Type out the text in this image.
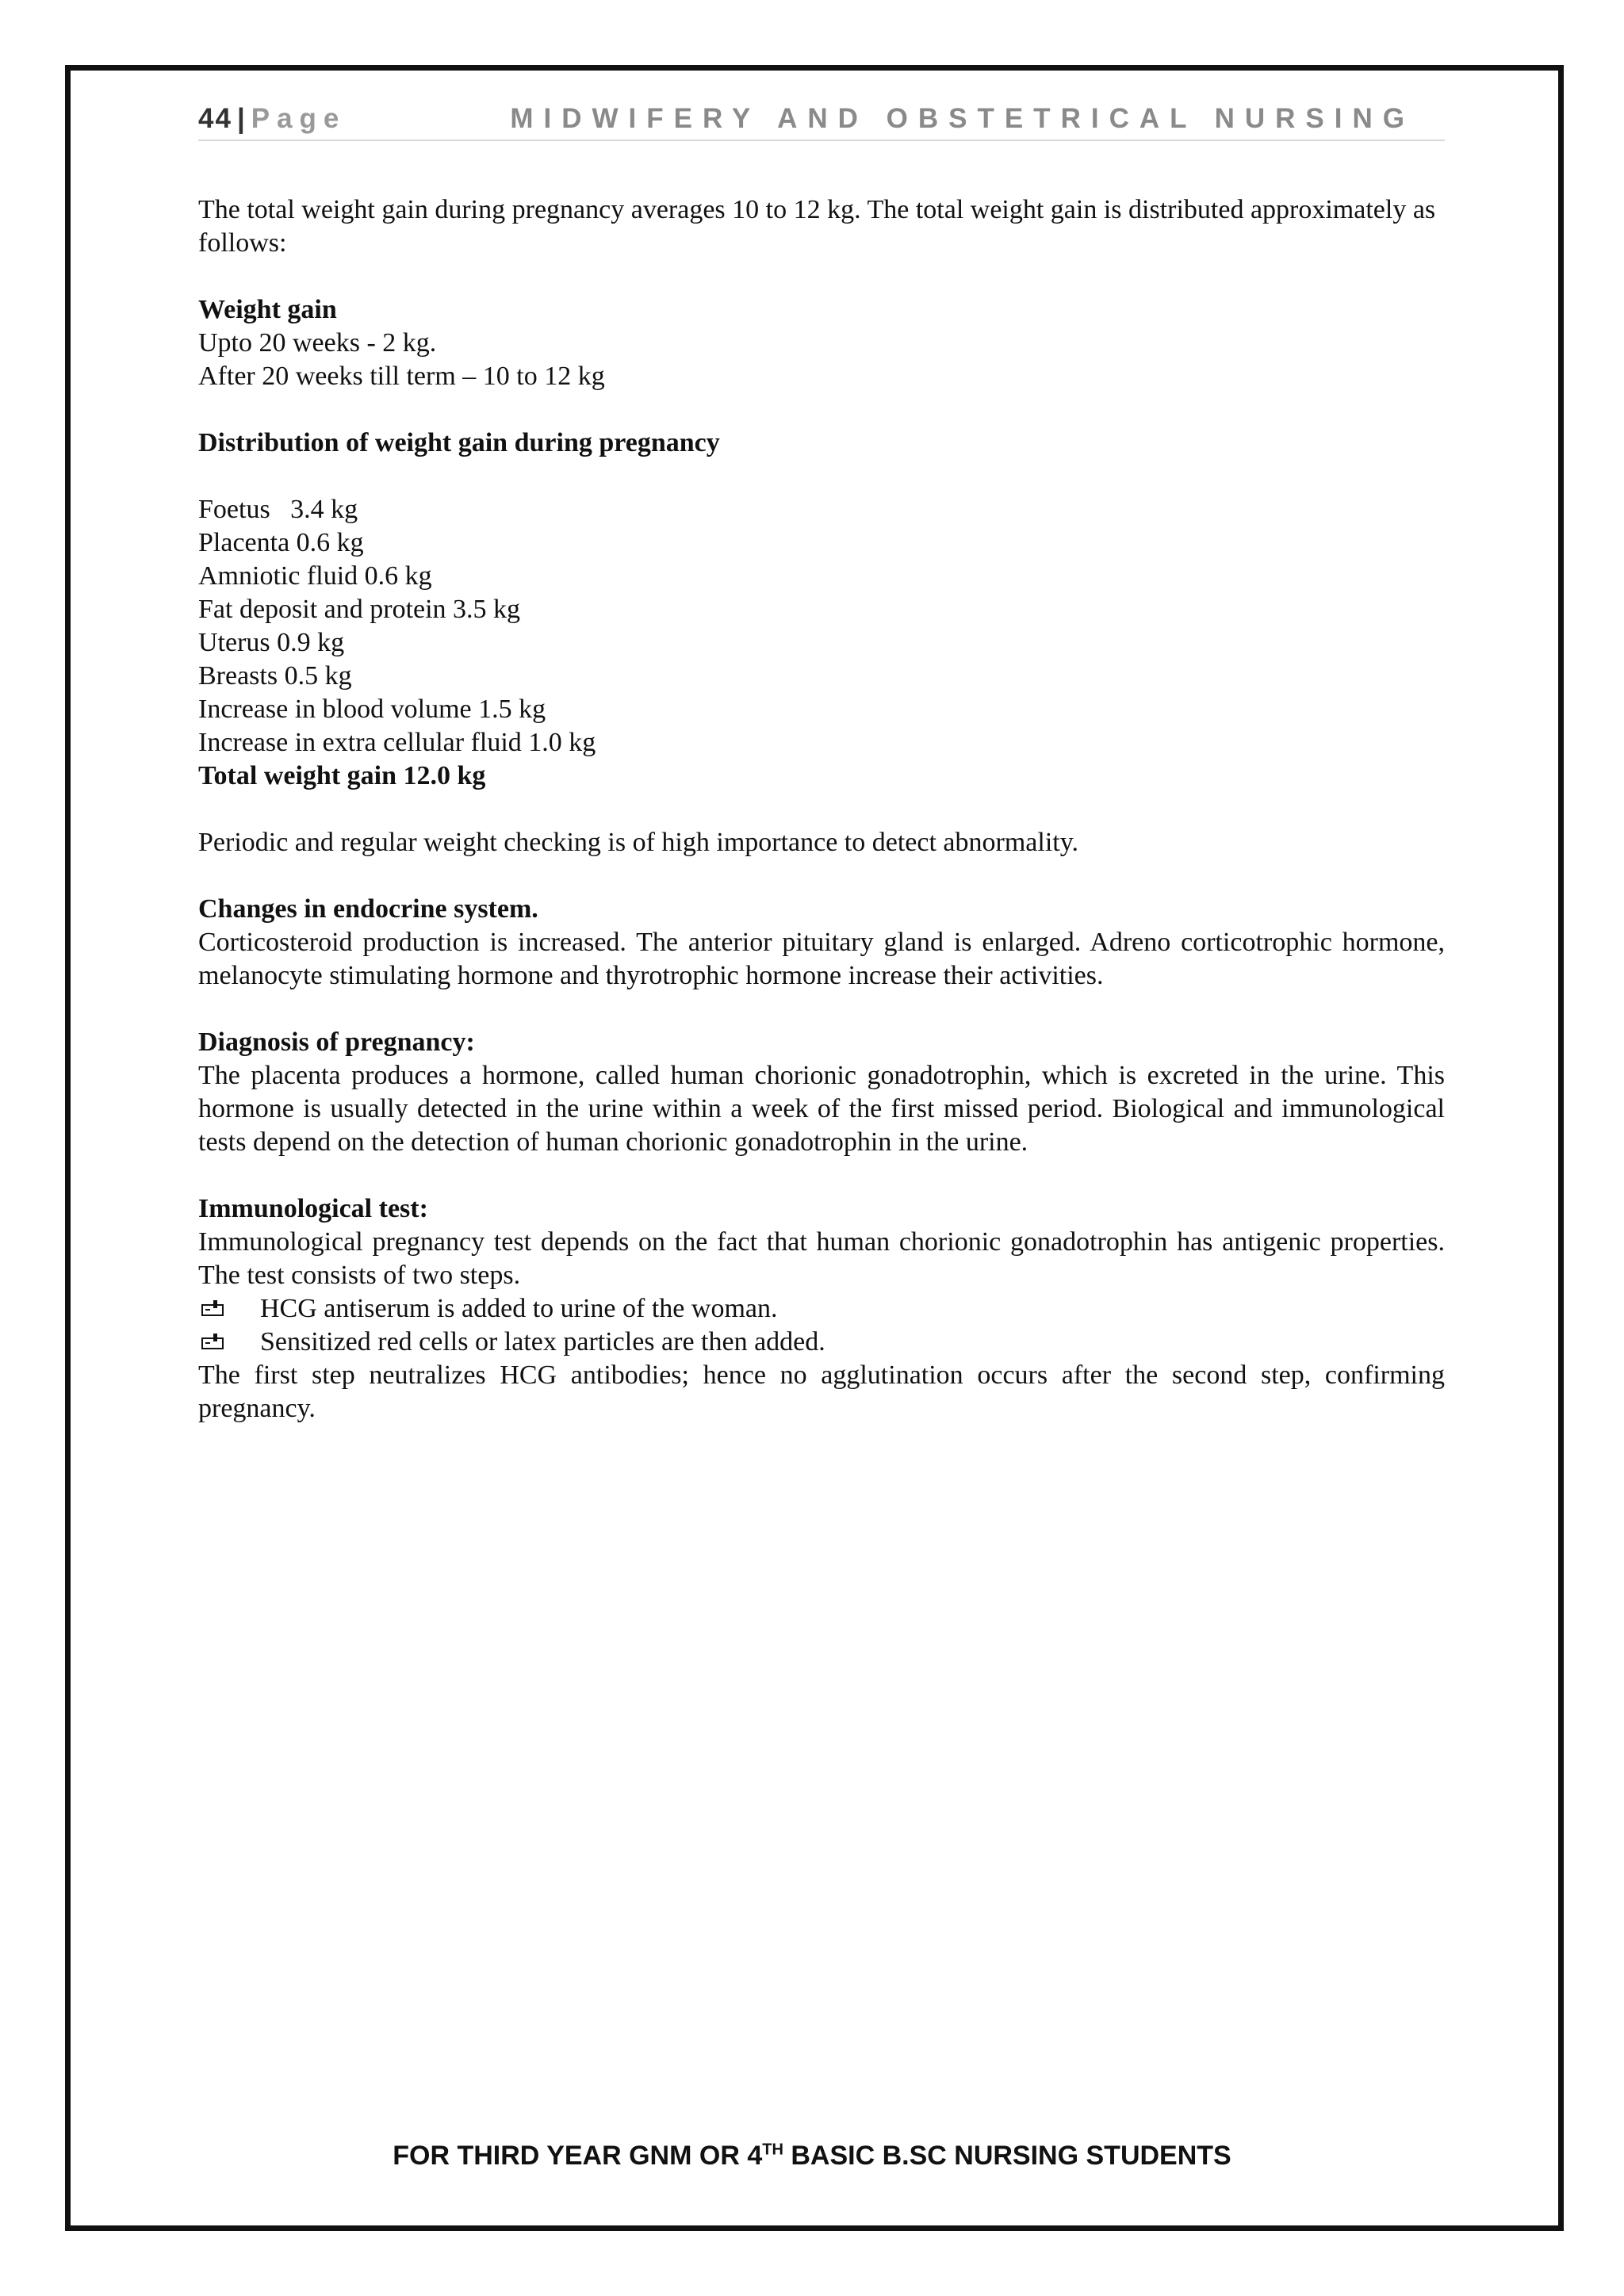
44 | Page	MIDWIFERY AND OBSTETRICAL NURSING

The total weight gain during pregnancy averages 10 to 12 kg. The total weight gain is distributed approximately as follows:

Weight gain

Upto 20 weeks - 2 kg.

After 20 weeks till term – 10 to 12 kg

Distribution of weight gain during pregnancy

Foetus   3.4 kg

Placenta 0.6 kg

Amniotic fluid 0.6 kg

Fat deposit and protein 3.5 kg

Uterus 0.9 kg

Breasts 0.5 kg

Increase in blood volume 1.5 kg

Increase in extra cellular fluid 1.0 kg

Total weight gain 12.0 kg

Periodic and regular weight checking is of high importance to detect abnormality.

Changes in endocrine system.

Corticosteroid production is increased. The anterior pituitary gland is enlarged. Adreno corticotrophic hormone, melanocyte stimulating hormone and thyrotrophic hormone increase their activities.

Diagnosis of pregnancy:

The placenta produces a hormone, called human chorionic gonadotrophin, which is excreted in the urine. This hormone is usually detected in the urine within a week of the first missed period. Biological and immunological tests depend on the detection of human chorionic gonadotrophin in the urine.

Immunological test:

Immunological pregnancy test depends on the fact that human chorionic gonadotrophin has antigenic properties. The test consists of two steps.

HCG antiserum is added to urine of the woman.

Sensitized red cells or latex particles are then added.

The first step neutralizes HCG antibodies; hence no agglutination occurs after the second step, confirming pregnancy.

FOR THIRD YEAR GNM OR 4TH BASIC B.SC NURSING STUDENTS
